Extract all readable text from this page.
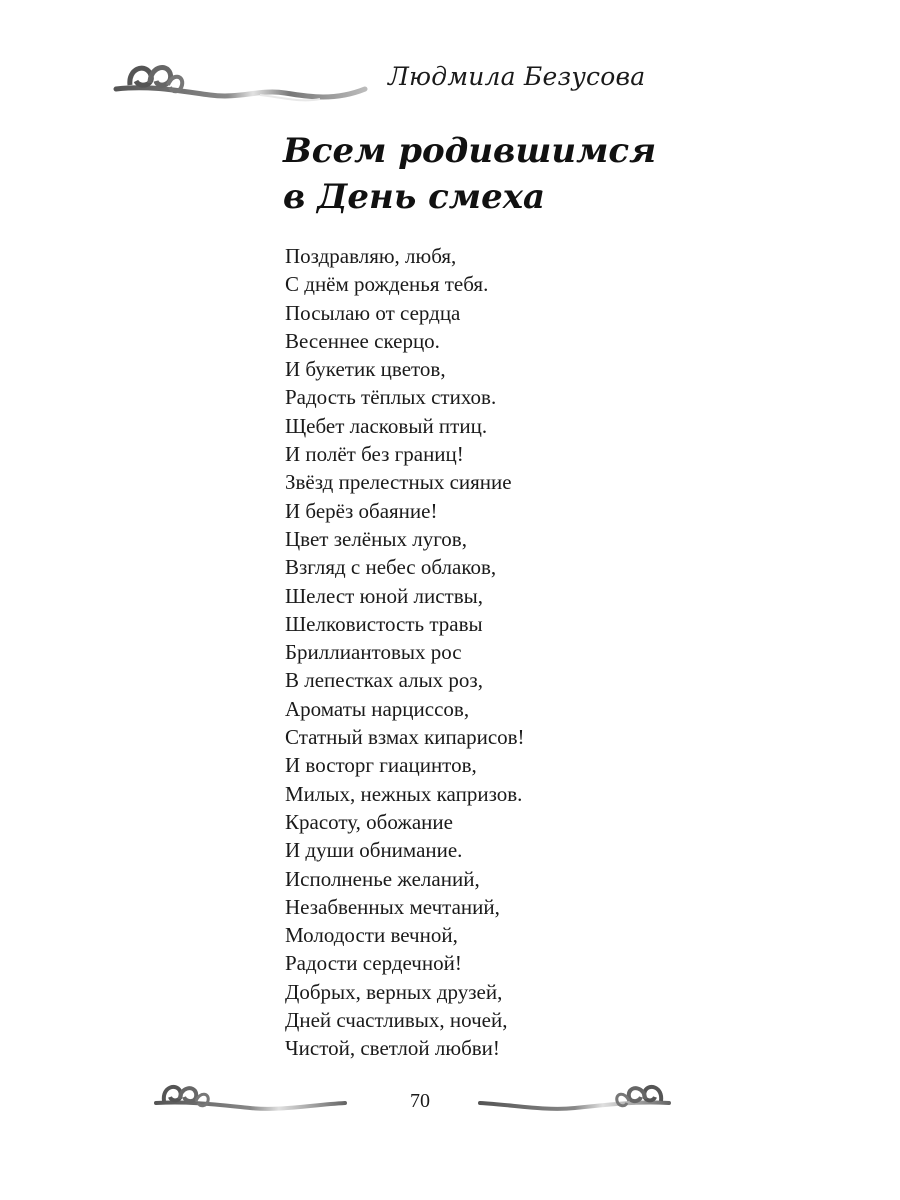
Людмила Безусова
Всем родившимся
в День смеха
Поздравляю, любя,
С днём рожденья тебя.
Посылаю от сердца
Весеннее скерцо.
И букетик цветов,
Радость тёплых стихов.
Щебет ласковый птиц.
И полёт без границ!
Звёзд прелестных сияние
И берёз обаяние!
Цвет зелёных лугов,
Взгляд с небес облаков,
Шелест юной листвы,
Шелковистость травы
Бриллиантовых рос
В лепестках алых роз,
Ароматы нарциссов,
Статный взмах кипарисов!
И восторг гиацинтов,
Милых, нежных капризов.
Красоту, обожание
И души обнимание.
Исполненье желаний,
Незабвенных мечтаний,
Молодости вечной,
Радости сердечной!
Добрых, верных друзей,
Дней счастливых, ночей,
Чистой, светлой любви!
70
